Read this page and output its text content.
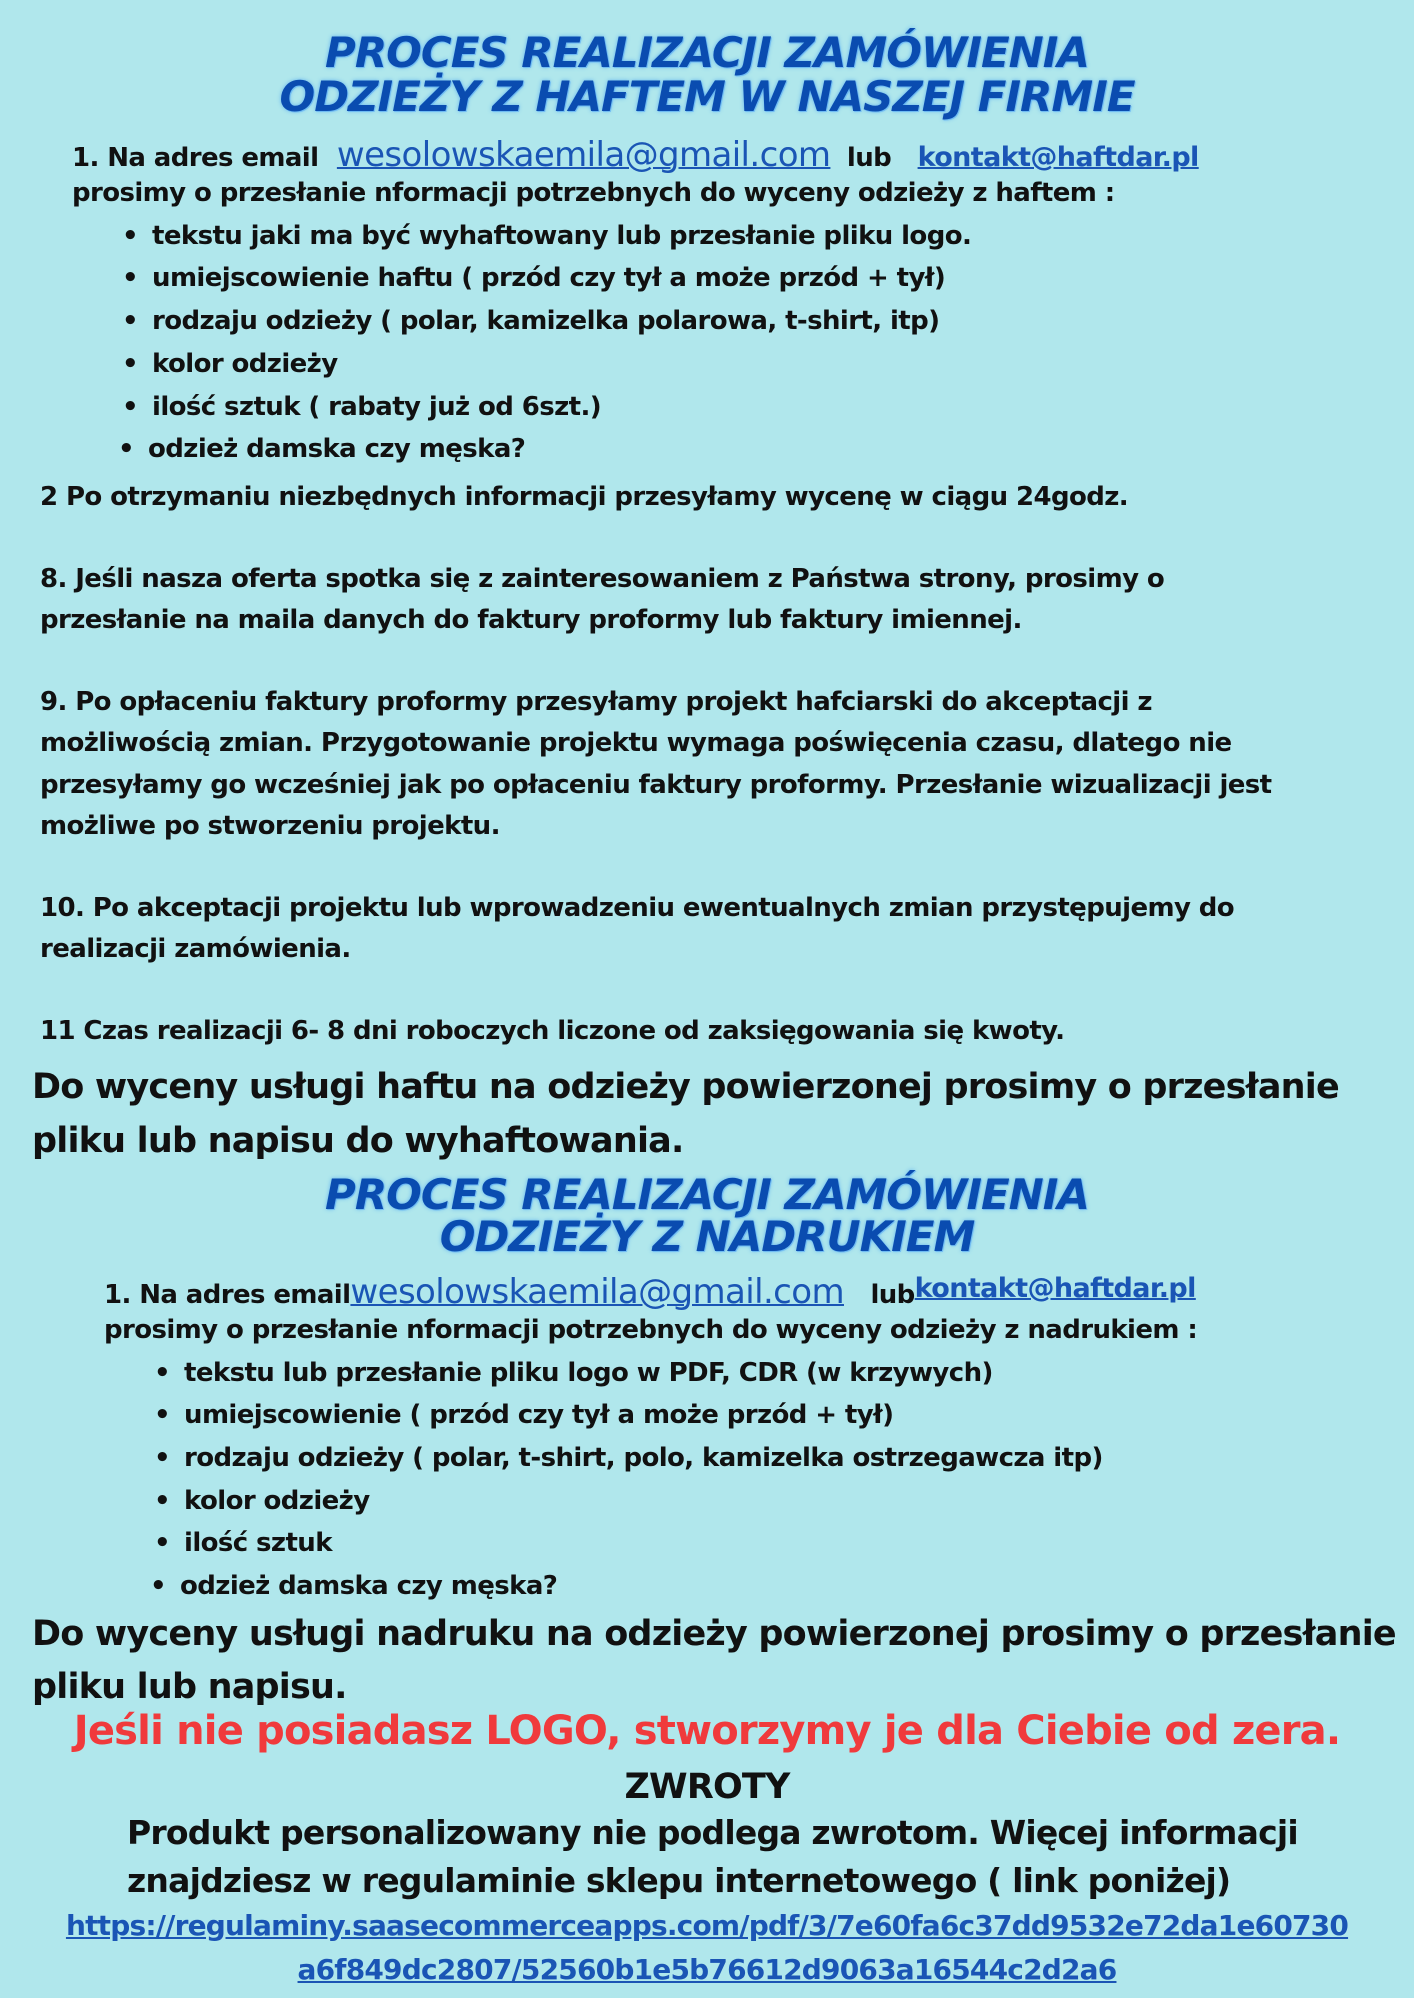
PROCES REALIZACJI ZAMÓWIENIA
ODZIEŻY Z HAFTEM W NASZEJ FIRMIE
1. Na adres email wesolowskaemila@gmail.com lub kontakt@haftdar.pl
prosimy o przesłanie nformacji potrzebnych do wyceny odzieży z haftem :
• tekstu jaki ma być wyhaftowany lub przesłanie pliku logo.
• umiejscowienie haftu ( przód czy tył a może przód + tył)
• rodzaju odzieży ( polar, kamizelka polarowa, t-shirt, itp)
• kolor odzieży
• ilość sztuk ( rabaty już od 6szt.)
• odzież damska czy męska?
2 Po otrzymaniu niezbędnych informacji przesyłamy wycenę w ciągu 24godz.
8. Jeśli nasza oferta spotka się z zainteresowaniem z Państwa strony, prosimy o
przesłanie na maila danych do faktury proformy lub faktury imiennej.
9. Po opłaceniu faktury proformy przesyłamy projekt hafciarski do akceptacji z
możliwością zmian. Przygotowanie projektu wymaga poświęcenia czasu, dlatego nie
przesyłamy go wcześniej jak po opłaceniu faktury proformy. Przesłanie wizualizacji jest
możliwe po stworzeniu projektu.
10. Po akceptacji projektu lub wprowadzeniu ewentualnych zmian przystępujemy do
realizacji zamówienia.
11 Czas realizacji 6- 8 dni roboczych liczone od zaksięgowania się kwoty.
Do wyceny usługi haftu na odzieży powierzonej prosimy o przesłanie
pliku lub napisu do wyhaftowania.
PROCES REALIZACJI ZAMÓWIENIA
ODZIEŻY Z NADRUKIEM
1. Na adres emailwesolowskaemila@gmail.com lubkontakt@haftdar.pl
prosimy o przesłanie nformacji potrzebnych do wyceny odzieży z nadrukiem :
• tekstu lub przesłanie pliku logo w PDF, CDR (w krzywych)
• umiejscowienie ( przód czy tył a może przód + tył)
• rodzaju odzieży ( polar, t-shirt, polo, kamizelka ostrzegawcza itp)
• kolor odzieży
• ilość sztuk
• odzież damska czy męska?
Do wyceny usługi nadruku na odzieży powierzonej prosimy o przesłanie
pliku lub napisu.
Jeśli nie posiadasz LOGO, stworzymy je dla Ciebie od zera.
ZWROTY
Produkt personalizowany nie podlega zwrotom. Więcej informacji
znajdziesz w regulaminie sklepu internetowego ( link poniżej)
https://regulaminy.saasecommerceapps.com/pdf/3/7e60fa6c37dd9532e72da1e60730
a6f849dc2807/52560b1e5b76612d9063a16544c2d2a6
